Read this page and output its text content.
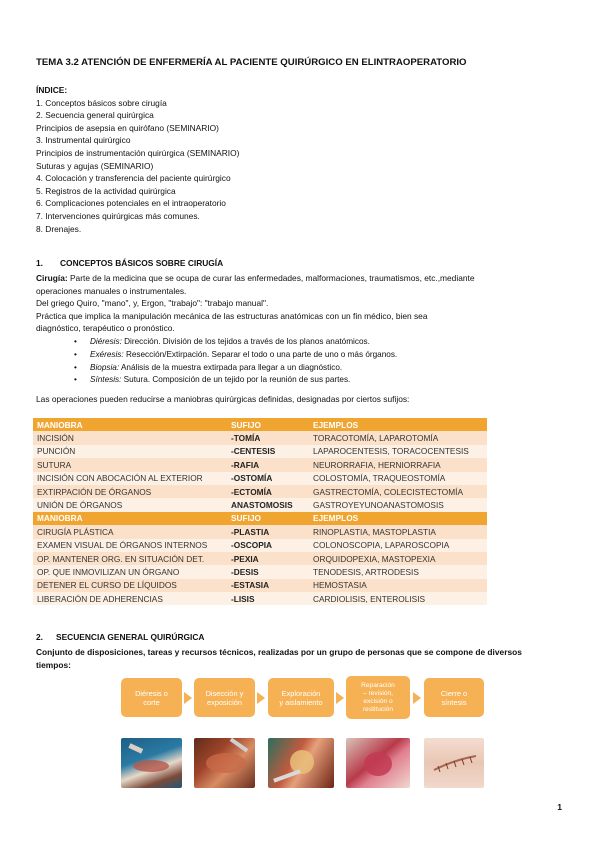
TEMA 3.2 ATENCIÓN DE ENFERMERÍA AL PACIENTE QUIRÚRGICO EN ELINTRAOPERATORIO
ÍNDICE:
1. Conceptos básicos sobre cirugía
2. Secuencia general quirúrgica
Principios de asepsia en quirófano (SEMINARIO)
3. Instrumental quirúrgico
Principios de instrumentación quirúrgica (SEMINARIO)
Suturas y agujas (SEMINARIO)
4. Colocación y transferencia del paciente quirúrgico
5. Registros de la actividad quirúrgica
6. Complicaciones potenciales en el intraoperatorio
7. Intervenciones quirúrgicas más comunes.
8. Drenajes.
1. CONCEPTOS BÁSICOS SOBRE CIRUGÍA
Cirugía: Parte de la medicina que se ocupa de curar las enfermedades, malformaciones, traumatismos, etc.,mediante
operaciones manuales o instrumentales.
Del griego Quiro, "mano", y, Ergon, "trabajo": "trabajo manual".
Práctica que implica la manipulación mecánica de las estructuras anatómicas con un fin médico, bien sea
diagnóstico, terapéutico o pronóstico.
• Diéresis: Dirección. División de los tejidos a través de los planos anatómicos.
• Exéresis: Resección/Extirpación. Separar el todo o una parte de uno o más órganos.
• Biopsia: Análisis de la muestra extirpada para llegar a un diagnóstico.
• Síntesis: Sutura. Composición de un tejido por la reunión de sus partes.
Las operaciones pueden reducirse a maniobras quirúrgicas definidas, designadas por ciertos sufijos:
MANIOBRA	SUFIJO	EJEMPLOS
INCISIÓN	-TOMÍA	TORACOTOMÍA, LAPAROTOMÍA
PUNCIÓN	-CENTESIS	LAPAROCENTESIS, TORACOCENTESIS
SUTURA	-RAFIA	NEURORRAFIA, HERNIORRAFIA
INCISIÓN CON ABOCACIÓN AL EXTERIOR	-OSTOMÍA	COLOSTOMÍA, TRAQUEOSTOMÍA
EXTIRPACIÓN DE ÓRGANOS	-ECTOMÍA	GASTRECTOMÍA, COLECISTECTOMÍA
UNIÓN DE ÓRGANOS	ANASTOMOSIS	GASTROYEYUNOANASTOMOSIS
MANIOBRA	SUFIJO	EJEMPLOS
CIRUGÍA PLÁSTICA	-PLASTIA	RINOPLASTIA, MASTOPLASTIA
EXAMEN VISUAL DE ÓRGANOS INTERNOS	-OSCOPIA	COLONOSCOPIA, LAPAROSCOPIA
OP. MANTENER ORG. EN SITUACIÓN DET.	-PEXIA	ORQUIDOPEXIA, MASTOPEXIA
OP. QUE INMOVILIZAN UN ÓRGANO	-DESIS	TENODESIS, ARTRODESIS
DETENER EL CURSO DE LÍQUIDOS	-ESTASIA	HEMOSTASIA
LIBERACIÓN DE ADHERENCIAS	-LISIS	CARDIOLISIS, ENTEROLISIS
2. SECUENCIA GENERAL QUIRÚRGICA
Conjunto de disposiciones, tareas y recursos técnicos, realizadas por un grupo de personas que se compone de diversos
tiempos:
Diéresis o
corte
Disección y
exposición
Exploración
y aislamiento
Reparación
– revisión,
excisión o
restitución
Cierre o
síntesis
1
